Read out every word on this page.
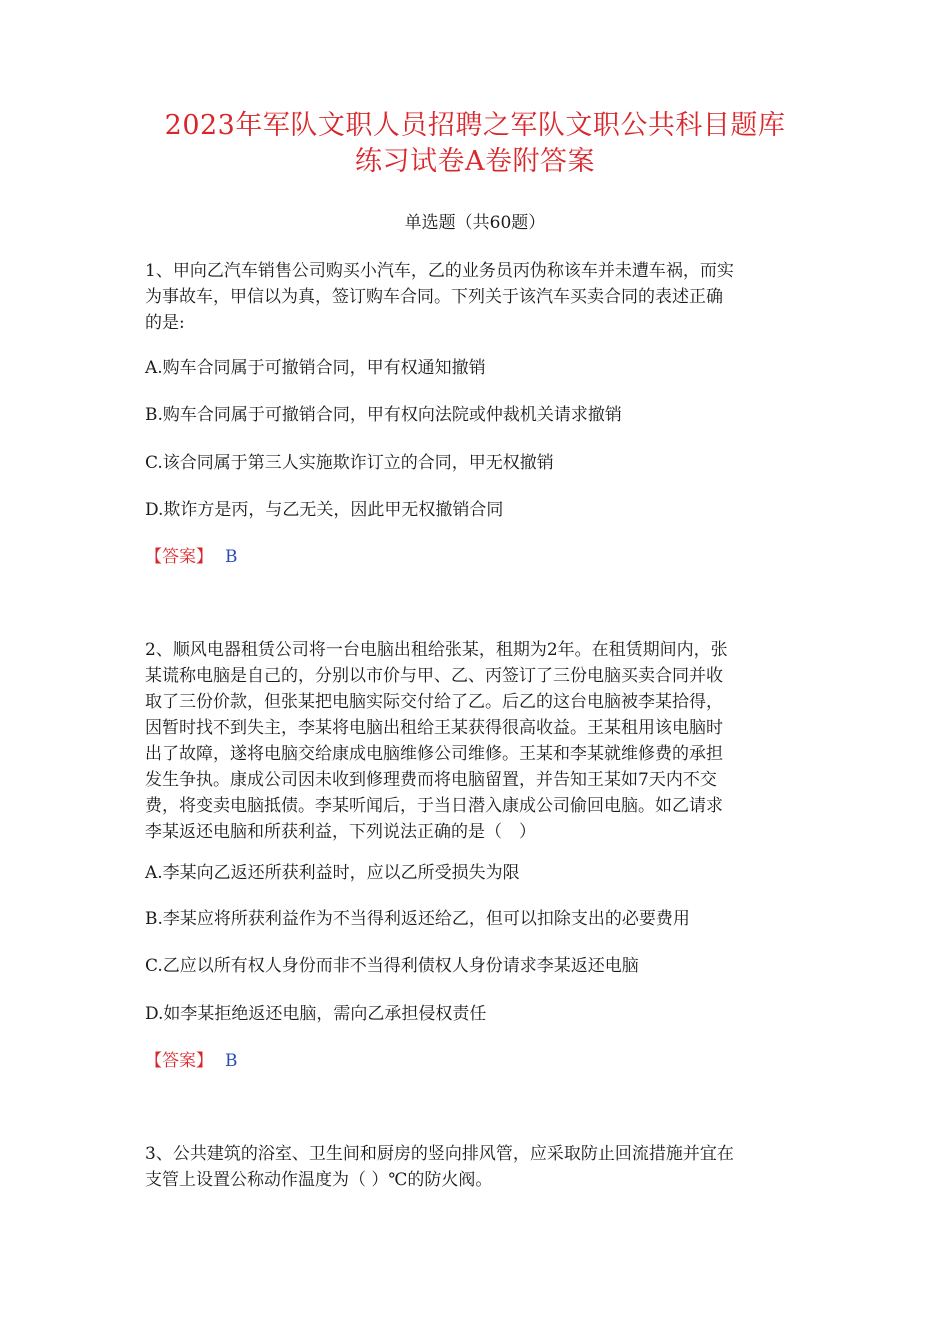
2023年军队文职人员招聘之军队文职公共科目题库
练习试卷A卷附答案
单选题（共60题）
1、甲向乙汽车销售公司购买小汽车，乙的业务员丙伪称该车并未遭车祸，而实
为事故车，甲信以为真，签订购车合同。下列关于该汽车买卖合同的表述正确
的是:
A.购车合同属于可撤销合同，甲有权通知撤销
B.购车合同属于可撤销合同，甲有权向法院或仲裁机关请求撤销
C.该合同属于第三人实施欺诈订立的合同，甲无权撤销
D.欺诈方是丙，与乙无关，因此甲无权撤销合同
【答案】 B
2、顺风电器租赁公司将一台电脑出租给张某，租期为2年。在租赁期间内，张
某谎称电脑是自己的，分别以市价与甲、乙、丙签订了三份电脑买卖合同并收
取了三份价款，但张某把电脑实际交付给了乙。后乙的这台电脑被李某拾得，
因暂时找不到失主，李某将电脑出租给王某获得很高收益。王某租用该电脑时
出了故障，遂将电脑交给康成电脑维修公司维修。王某和李某就维修费的承担
发生争执。康成公司因未收到修理费而将电脑留置，并告知王某如7天内不交
费，将变卖电脑抵债。李某听闻后，于当日潜入康成公司偷回电脑。如乙请求
李某返还电脑和所获利益，下列说法正确的是（　）
A.李某向乙返还所获利益时，应以乙所受损失为限
B.李某应将所获利益作为不当得利返还给乙，但可以扣除支出的必要费用
C.乙应以所有权人身份而非不当得利债权人身份请求李某返还电脑
D.如李某拒绝返还电脑，需向乙承担侵权责任
【答案】 B
3、公共建筑的浴室、卫生间和厨房的竖向排风管，应采取防止回流措施并宜在
支管上设置公称动作温度为（ ）℃的防火阀。
